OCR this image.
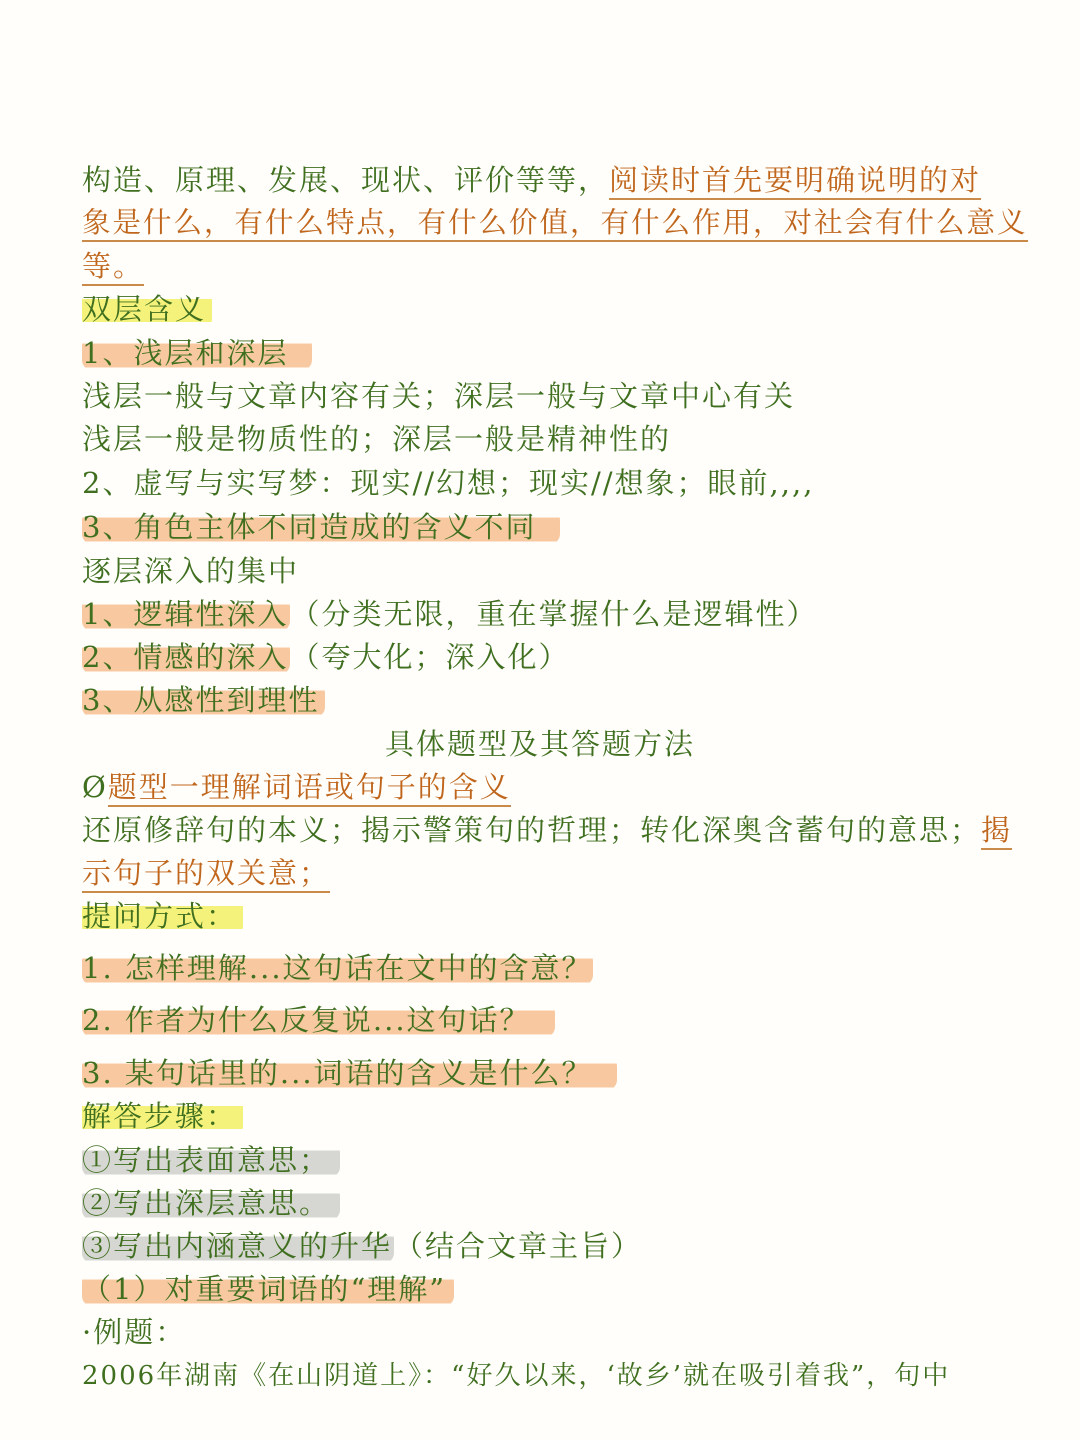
构造、原理、发展、现状、评价等等，阅读时首先要明确说明的对
象是什么，有什么特点，有什么价值，有什么作用，对社会有什么意义
等。
双层含义
1、浅层和深层
浅层一般与文章内容有关；深层一般与文章中心有关
浅层一般是物质性的；深层一般是精神性的
2、虚写与实写梦：现实//幻想；现实//想象；眼前,,,,
3、角色主体不同造成的含义不同
逐层深入的集中
1、逻辑性深入（分类无限，重在掌握什么是逻辑性）
2、情感的深入（夸大化；深入化）
3、从感性到理性
具体题型及其答题方法
Ø题型一理解词语或句子的含义
还原修辞句的本义；揭示警策句的哲理；转化深奥含蓄句的意思；揭
示句子的双关意；
提问方式：
1. 怎样理解...这句话在文中的含意？
2. 作者为什么反复说...这句话？
3. 某句话里的...词语的含义是什么？
解答步骤：
①写出表面意思；
②写出深层意思。
③写出内涵意义的升华（结合文章主旨）
（1）对重要词语的“理解”
·例题：
2006年湖南《在山阴道上》：“好久以来，‘故乡’就在吸引着我”，句中
